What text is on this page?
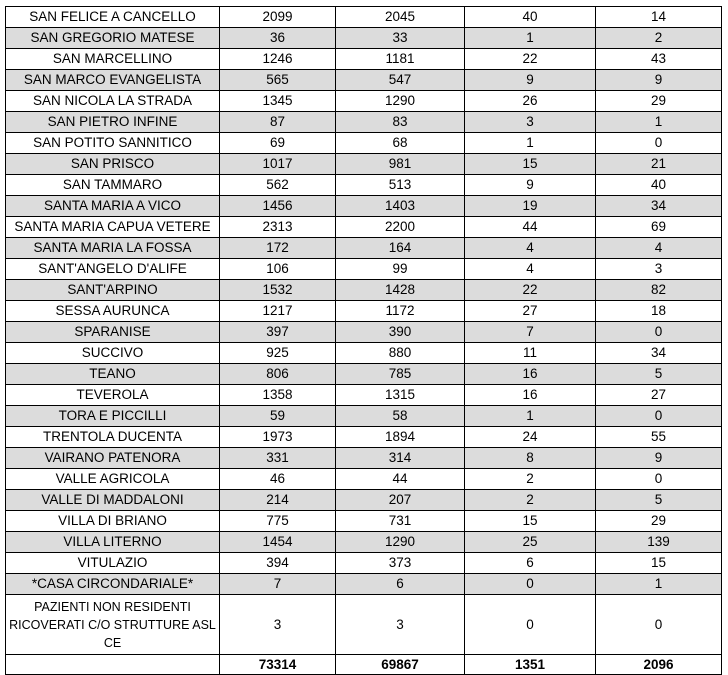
SAN FELICE A CANCELLO	2099	2045	40	14
SAN GREGORIO MATESE	36	33	1	2
SAN MARCELLINO	1246	1181	22	43
SAN MARCO EVANGELISTA	565	547	9	9
SAN NICOLA LA STRADA	1345	1290	26	29
SAN PIETRO INFINE	87	83	3	1
SAN POTITO SANNITICO	69	68	1	0
SAN PRISCO	1017	981	15	21
SAN TAMMARO	562	513	9	40
SANTA MARIA A VICO	1456	1403	19	34
SANTA MARIA CAPUA VETERE	2313	2200	44	69
SANTA MARIA LA FOSSA	172	164	4	4
SANT'ANGELO D'ALIFE	106	99	4	3
SANT'ARPINO	1532	1428	22	82
SESSA AURUNCA	1217	1172	27	18
SPARANISE	397	390	7	0
SUCCIVO	925	880	11	34
TEANO	806	785	16	5
TEVEROLA	1358	1315	16	27
TORA E PICCILLI	59	58	1	0
TRENTOLA DUCENTA	1973	1894	24	55
VAIRANO PATENORA	331	314	8	9
VALLE AGRICOLA	46	44	2	0
VALLE DI MADDALONI	214	207	2	5
VILLA DI BRIANO	775	731	15	29
VILLA LITERNO	1454	1290	25	139
VITULAZIO	394	373	6	15
*CASA CIRCONDARIALE*	7	6	0	1
PAZIENTI NON RESIDENTI RICOVERATI C/O STRUTTURE ASL CE	3	3	0	0
	73314	69867	1351	2096
